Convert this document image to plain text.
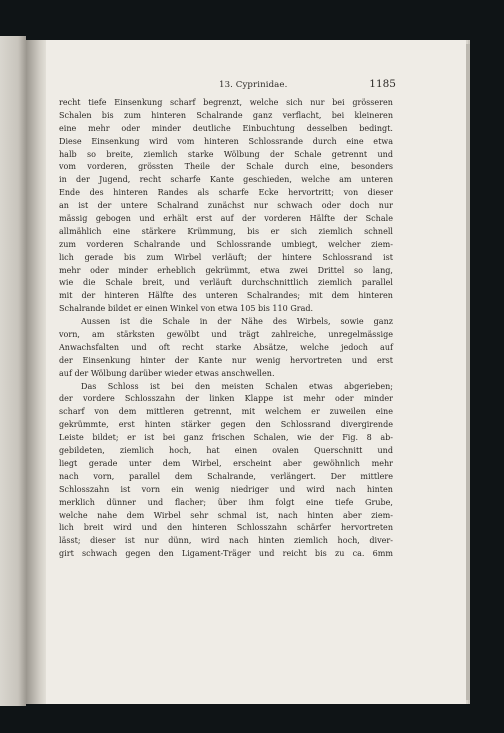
13. Cyprinidae.	1185
recht tiefe Einsenkung scharf begrenzt, welche sich nur bei grösseren
Schalen bis zum hinteren Schalrande ganz verflacht, bei kleineren
eine mehr oder minder deutliche Einbuchtung desselben bedingt.
Diese Einsenkung wird vom hinteren Schlossrande durch eine etwa
halb so breite, ziemlich starke Wölbung der Schale getrennt und
vom vorderen, grössten Theile der Schale durch eine, besonders
in der Jugend, recht scharfe Kante geschieden, welche am unteren
Ende des hinteren Randes als scharfe Ecke hervortritt; von dieser
an ist der untere Schalrand zunächst nur schwach oder doch nur
mässig gebogen und erhält erst auf der vorderen Hälfte der Schale
allmählich eine stärkere Krümmung, bis er sich ziemlich schnell
zum vorderen Schalrande und Schlossrande umbiegt, welcher ziem-
lich gerade bis zum Wirbel verläuft; der hintere Schlossrand ist
mehr oder minder erheblich gekrümmt, etwa zwei Drittel so lang,
wie die Schale breit, und verläuft durchschnittlich ziemlich parallel
mit der hinteren Hälfte des unteren Schalrandes; mit dem hinteren
Schalrande bildet er einen Winkel von etwa 105 bis 110 Grad.
Aussen ist die Schale in der Nähe des Wirbels, sowie ganz
vorn, am stärksten gewölbt und trägt zahlreiche, unregelmässige
Anwachsfalten und oft recht starke Absätze, welche jedoch auf
der Einsenkung hinter der Kante nur wenig hervortreten und erst
auf der Wölbung darüber wieder etwas anschwellen.
Das Schloss ist bei den meisten Schalen etwas abgerieben;
der vordere Schlosszahn der linken Klappe ist mehr oder minder
scharf von dem mittleren getrennt, mit welchem er zuweilen eine
gekrümmte, erst hinten stärker gegen den Schlossrand divergirende
Leiste bildet; er ist bei ganz frischen Schalen, wie der Fig. 8 ab-
gebildeten, ziemlich hoch, hat einen ovalen Querschnitt und
liegt gerade unter dem Wirbel, erscheint aber gewöhnlich mehr
nach vorn, parallel dem Schalrande, verlängert. Der mittlere
Schlosszahn ist vorn ein wenig niedriger und wird nach hinten
merklich dünner und flacher; über ihm folgt eine tiefe Grube,
welche nahe dem Wirbel sehr schmal ist, nach hinten aber ziem-
lich breit wird und den hinteren Schlosszahn schärfer hervortreten
lässt; dieser ist nur dünn, wird nach hinten ziemlich hoch, diver-
girt schwach gegen den Ligament-Träger und reicht bis zu ca. 6mm
